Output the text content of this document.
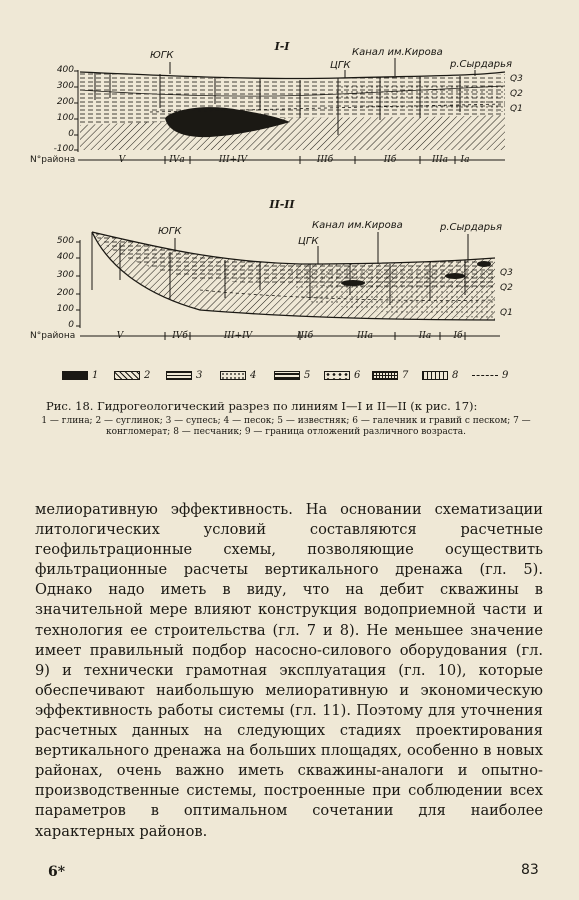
I-I
400
300
200
100
0
-100
ЮГК
ЦГК
Канал им.Кирова
р.Сырдарья
Q3
Q2
Q1
N°района	V	IVа	III+IV	IIIб	IIб	IIIа	Iа
II-II
500
400
300
200
100
0
ЮГК
ЦГК
Канал им.Кирова	р.Сырдарья
Q3
Q2
Q1
N°района	V	IVб	III+IV	IIIб	IIIа	IIа	Iб
1	2	3	4	5	6	7	8	9
Рис. 18. Гидрогеологический разрез по линиям I—I и II—II (к рис. 17):
1 — глина; 2 — суглинок; 3 — супесь; 4 — песок; 5 — известняк; 6 — галечник и гравий с песком; 7 — конгломерат; 8 — песчаник; 9 — граница отложений различного возраста.

мелиоративную эффективность. На основании схематизации литологических условий составляются расчетные геофильтрационные схемы, позволяющие осуществить фильтрационные расчеты вертикального дренажа (гл. 5). Однако надо иметь в виду, что на дебит скважины в значительной мере влияют конструкция водоприемной части и технология ее строительства (гл. 7 и 8). Не меньшее значение имеет правильный подбор насосно-силового оборудования (гл. 9) и технически грамотная эксплуатация (гл. 10), которые обеспечивают наибольшую мелиоративную и экономическую эффективность работы системы (гл. 11). Поэтому для уточнения расчетных данных на следующих стадиях проектирования вертикального дренажа на больших площадях, особенно в новых районах, очень важно иметь скважины-аналоги и опытно-производственные системы, построенные при соблюдении всех параметров в оптимальном сочетании для наиболее характерных районов.

6*	83
